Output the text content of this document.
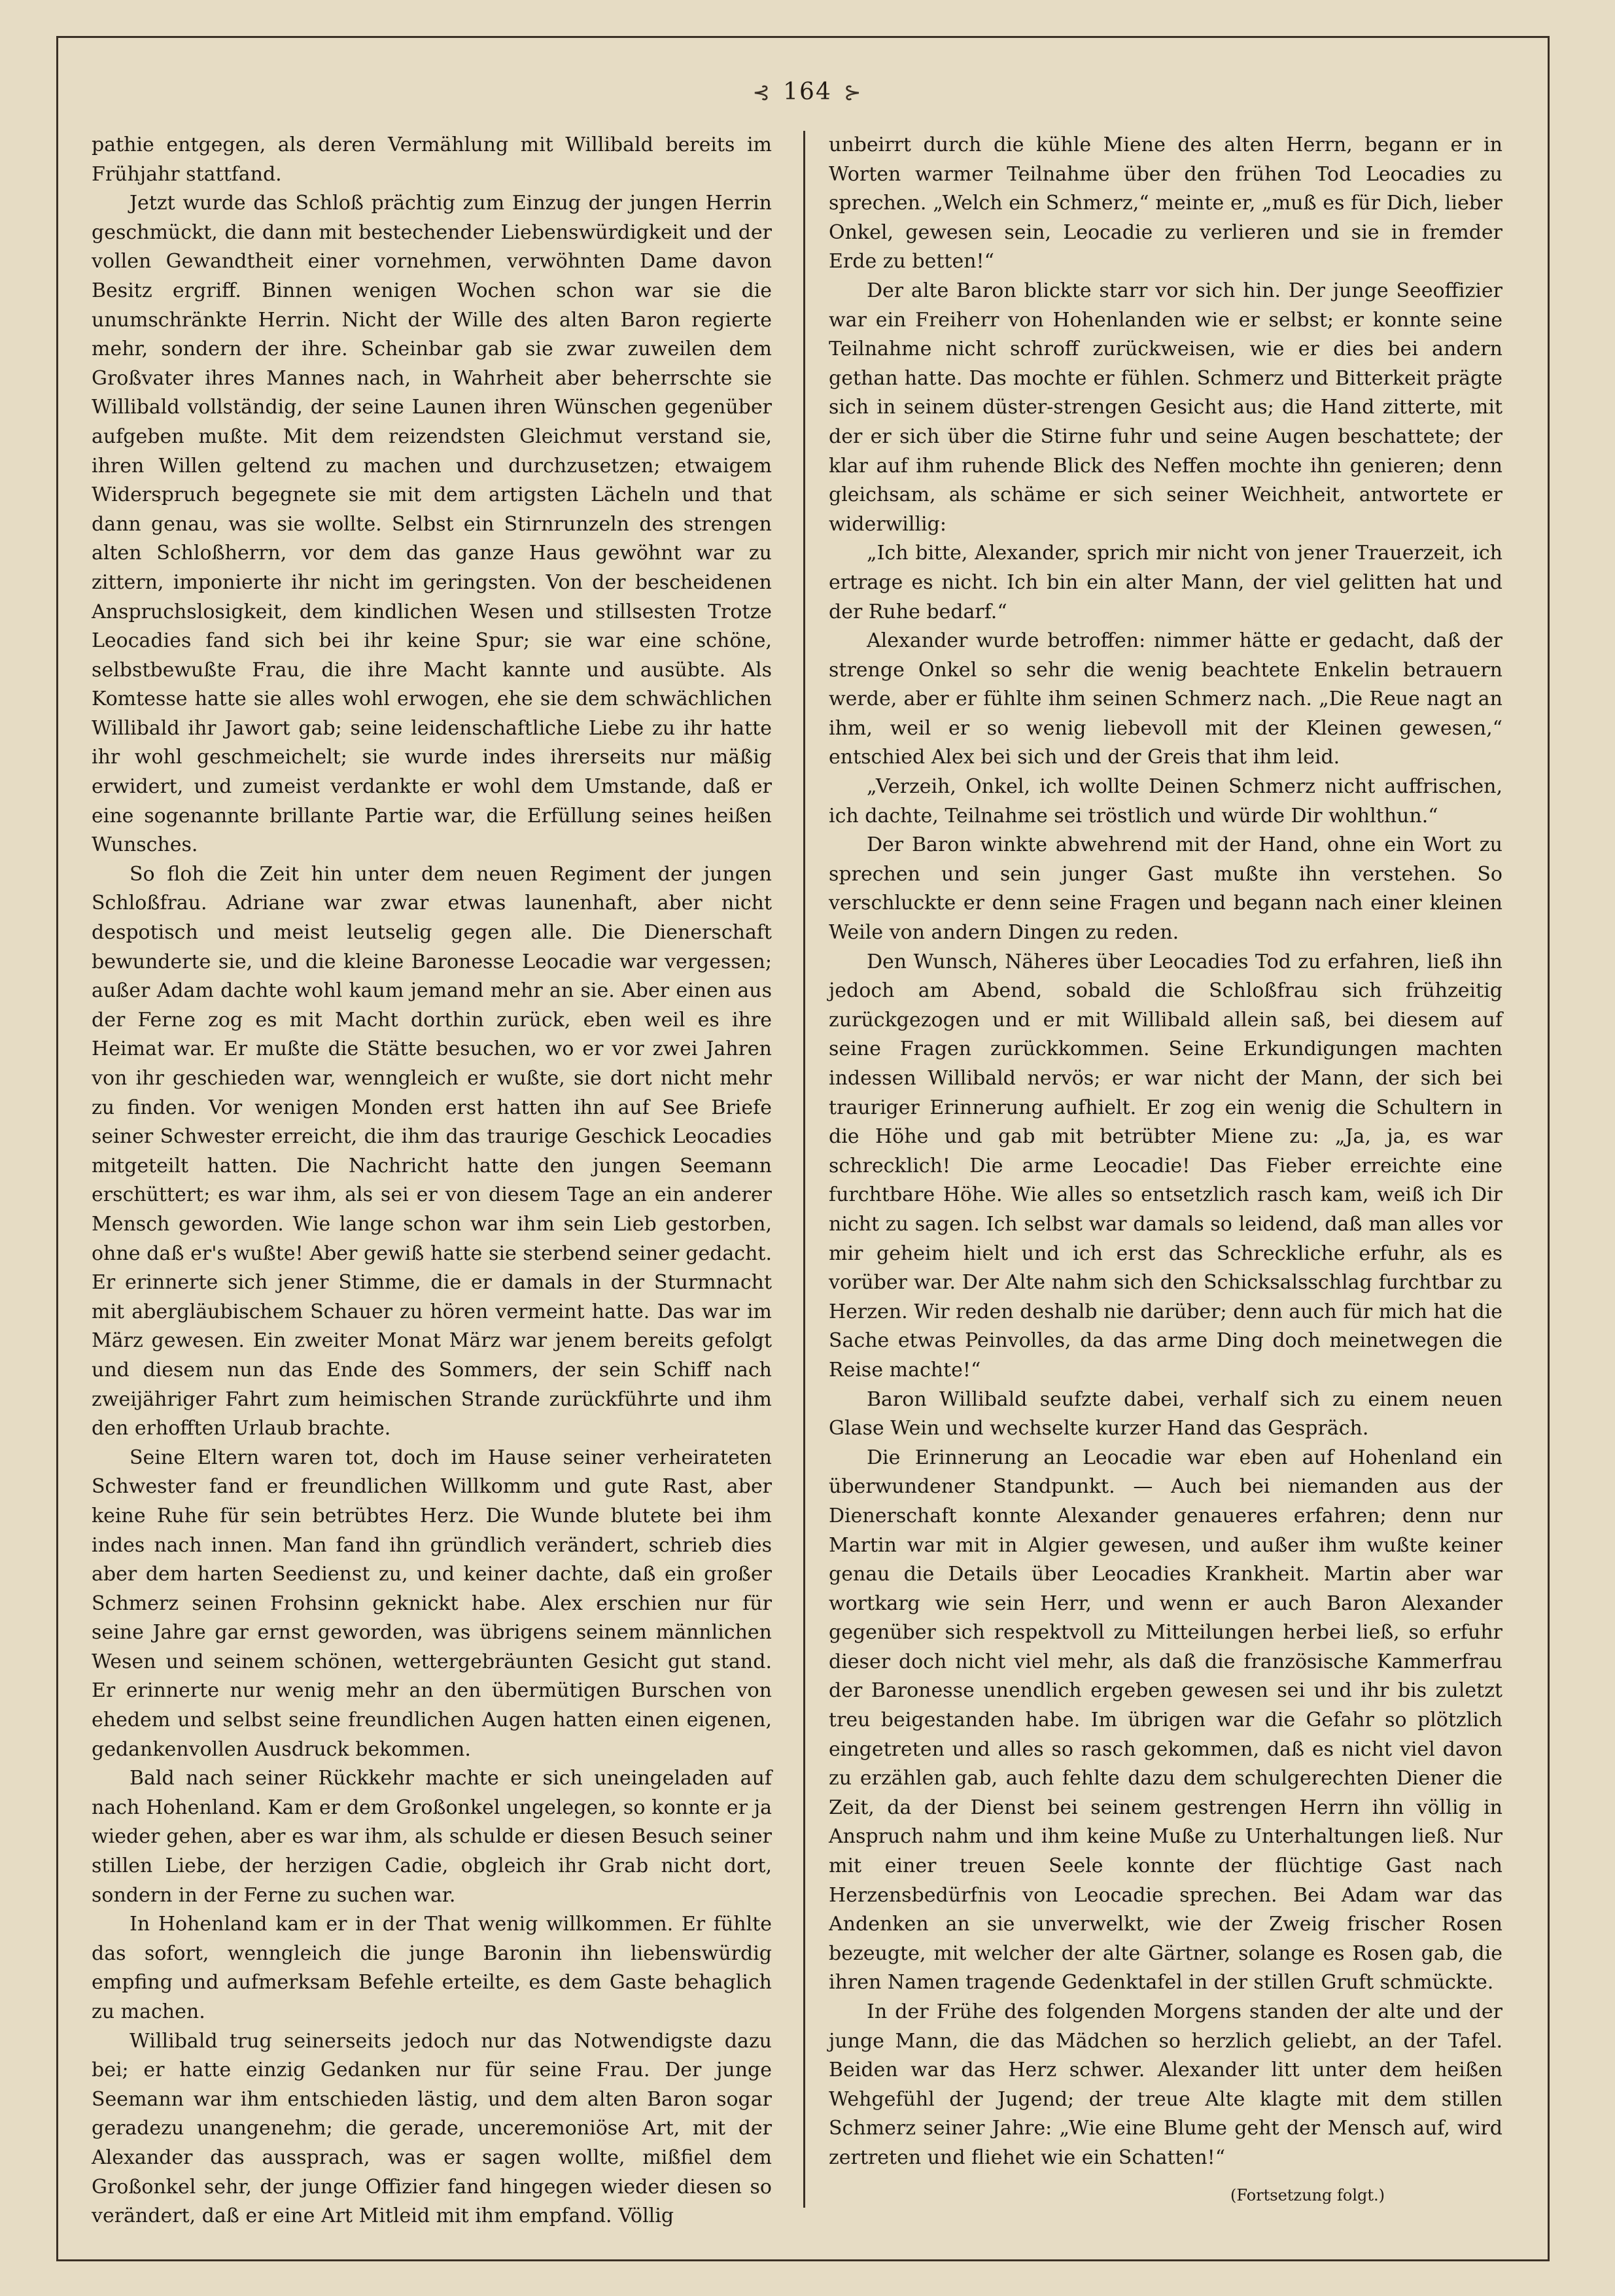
⊰ 164 ⊱

pathie entgegen, als deren Vermählung mit Willibald bereits im Frühjahr stattfand.

Jetzt wurde das Schloß prächtig zum Einzug der jungen Herrin geschmückt, die dann mit bestechender Liebenswürdigkeit und der vollen Gewandtheit einer vornehmen, verwöhnten Dame davon Besitz ergriff. Binnen wenigen Wochen schon war sie die unumschränkte Herrin. Nicht der Wille des alten Baron regierte mehr, sondern der ihre. Scheinbar gab sie zwar zuweilen dem Großvater ihres Mannes nach, in Wahrheit aber beherrschte sie Willibald vollständig, der seine Launen ihren Wünschen gegenüber aufgeben mußte. Mit dem reizendsten Gleichmut verstand sie, ihren Willen geltend zu machen und durchzusetzen; etwaigem Widerspruch begegnete sie mit dem artigsten Lächeln und that dann genau, was sie wollte. Selbst ein Stirnrunzeln des strengen alten Schloßherrn, vor dem das ganze Haus gewöhnt war zu zittern, imponierte ihr nicht im geringsten. Von der bescheidenen Anspruchslosigkeit, dem kindlichen Wesen und stillsesten Trotze Leocadies fand sich bei ihr keine Spur; sie war eine schöne, selbstbewußte Frau, die ihre Macht kannte und ausübte. Als Komtesse hatte sie alles wohl erwogen, ehe sie dem schwächlichen Willibald ihr Jawort gab; seine leidenschaftliche Liebe zu ihr hatte ihr wohl geschmeichelt; sie wurde indes ihrerseits nur mäßig erwidert, und zumeist verdankte er wohl dem Umstande, daß er eine sogenannte brillante Partie war, die Erfüllung seines heißen Wunsches.

So floh die Zeit hin unter dem neuen Regiment der jungen Schloßfrau. Adriane war zwar etwas launenhaft, aber nicht despotisch und meist leutselig gegen alle. Die Dienerschaft bewunderte sie, und die kleine Baronesse Leocadie war vergessen; außer Adam dachte wohl kaum jemand mehr an sie. Aber einen aus der Ferne zog es mit Macht dorthin zurück, eben weil es ihre Heimat war. Er mußte die Stätte besuchen, wo er vor zwei Jahren von ihr geschieden war, wenngleich er wußte, sie dort nicht mehr zu finden. Vor wenigen Monden erst hatten ihn auf See Briefe seiner Schwester erreicht, die ihm das traurige Geschick Leocadies mitgeteilt hatten. Die Nachricht hatte den jungen Seemann erschüttert; es war ihm, als sei er von diesem Tage an ein anderer Mensch geworden. Wie lange schon war ihm sein Lieb gestorben, ohne daß er's wußte! Aber gewiß hatte sie sterbend seiner gedacht. Er erinnerte sich jener Stimme, die er damals in der Sturmnacht mit abergläubischem Schauer zu hören vermeint hatte. Das war im März gewesen. Ein zweiter Monat März war jenem bereits gefolgt und diesem nun das Ende des Sommers, der sein Schiff nach zweijähriger Fahrt zum heimischen Strande zurückführte und ihm den erhofften Urlaub brachte.

Seine Eltern waren tot, doch im Hause seiner verheirateten Schwester fand er freundlichen Willkomm und gute Rast, aber keine Ruhe für sein betrübtes Herz. Die Wunde blutete bei ihm indes nach innen. Man fand ihn gründlich verändert, schrieb dies aber dem harten Seedienst zu, und keiner dachte, daß ein großer Schmerz seinen Frohsinn geknickt habe. Alex erschien nur für seine Jahre gar ernst geworden, was übrigens seinem männlichen Wesen und seinem schönen, wettergebräunten Gesicht gut stand. Er erinnerte nur wenig mehr an den übermütigen Burschen von ehedem und selbst seine freundlichen Augen hatten einen eigenen, gedankenvollen Ausdruck bekommen.

Bald nach seiner Rückkehr machte er sich uneingeladen auf nach Hohenland. Kam er dem Großonkel ungelegen, so konnte er ja wieder gehen, aber es war ihm, als schulde er diesen Besuch seiner stillen Liebe, der herzigen Cadie, obgleich ihr Grab nicht dort, sondern in der Ferne zu suchen war.

In Hohenland kam er in der That wenig willkommen. Er fühlte das sofort, wenngleich die junge Baronin ihn liebenswürdig empfing und aufmerksam Befehle erteilte, es dem Gaste behaglich zu machen.

Willibald trug seinerseits jedoch nur das Notwendigste dazu bei; er hatte einzig Gedanken nur für seine Frau. Der junge Seemann war ihm entschieden lästig, und dem alten Baron sogar geradezu unangenehm; die gerade, unceremoniöse Art, mit der Alexander das aussprach, was er sagen wollte, mißfiel dem Großonkel sehr, der junge Offizier fand hingegen wieder diesen so verändert, daß er eine Art Mitleid mit ihm empfand. Völlig

unbeirrt durch die kühle Miene des alten Herrn, begann er in Worten warmer Teilnahme über den frühen Tod Leocadies zu sprechen. „Welch ein Schmerz,“ meinte er, „muß es für Dich, lieber Onkel, gewesen sein, Leocadie zu verlieren und sie in fremder Erde zu betten!“

Der alte Baron blickte starr vor sich hin. Der junge Seeoffizier war ein Freiherr von Hohenlanden wie er selbst; er konnte seine Teilnahme nicht schroff zurückweisen, wie er dies bei andern gethan hatte. Das mochte er fühlen. Schmerz und Bitterkeit prägte sich in seinem düster-strengen Gesicht aus; die Hand zitterte, mit der er sich über die Stirne fuhr und seine Augen beschattete; der klar auf ihm ruhende Blick des Neffen mochte ihn genieren; denn gleichsam, als schäme er sich seiner Weichheit, antwortete er widerwillig:

„Ich bitte, Alexander, sprich mir nicht von jener Trauerzeit, ich ertrage es nicht. Ich bin ein alter Mann, der viel gelitten hat und der Ruhe bedarf.“

Alexander wurde betroffen: nimmer hätte er gedacht, daß der strenge Onkel so sehr die wenig beachtete Enkelin betrauern werde, aber er fühlte ihm seinen Schmerz nach. „Die Reue nagt an ihm, weil er so wenig liebevoll mit der Kleinen gewesen,“ entschied Alex bei sich und der Greis that ihm leid.

„Verzeih, Onkel, ich wollte Deinen Schmerz nicht auffrischen, ich dachte, Teilnahme sei tröstlich und würde Dir wohlthun.“

Der Baron winkte abwehrend mit der Hand, ohne ein Wort zu sprechen und sein junger Gast mußte ihn verstehen. So verschluckte er denn seine Fragen und begann nach einer kleinen Weile von andern Dingen zu reden.

Den Wunsch, Näheres über Leocadies Tod zu erfahren, ließ ihn jedoch am Abend, sobald die Schloßfrau sich frühzeitig zurückgezogen und er mit Willibald allein saß, bei diesem auf seine Fragen zurückkommen. Seine Erkundigungen machten indessen Willibald nervös; er war nicht der Mann, der sich bei trauriger Erinnerung aufhielt. Er zog ein wenig die Schultern in die Höhe und gab mit betrübter Miene zu: „Ja, ja, es war schrecklich! Die arme Leocadie! Das Fieber erreichte eine furchtbare Höhe. Wie alles so entsetzlich rasch kam, weiß ich Dir nicht zu sagen. Ich selbst war damals so leidend, daß man alles vor mir geheim hielt und ich erst das Schreckliche erfuhr, als es vorüber war. Der Alte nahm sich den Schicksalsschlag furchtbar zu Herzen. Wir reden deshalb nie darüber; denn auch für mich hat die Sache etwas Peinvolles, da das arme Ding doch meinetwegen die Reise machte!“

Baron Willibald seufzte dabei, verhalf sich zu einem neuen Glase Wein und wechselte kurzer Hand das Gespräch.

Die Erinnerung an Leocadie war eben auf Hohenland ein überwundener Standpunkt. — Auch bei niemanden aus der Dienerschaft konnte Alexander genaueres erfahren; denn nur Martin war mit in Algier gewesen, und außer ihm wußte keiner genau die Details über Leocadies Krankheit. Martin aber war wortkarg wie sein Herr, und wenn er auch Baron Alexander gegenüber sich respektvoll zu Mitteilungen herbei ließ, so erfuhr dieser doch nicht viel mehr, als daß die französische Kammerfrau der Baronesse unendlich ergeben gewesen sei und ihr bis zuletzt treu beigestanden habe. Im übrigen war die Gefahr so plötzlich eingetreten und alles so rasch gekommen, daß es nicht viel davon zu erzählen gab, auch fehlte dazu dem schulgerechten Diener die Zeit, da der Dienst bei seinem gestrengen Herrn ihn völlig in Anspruch nahm und ihm keine Muße zu Unterhaltungen ließ. Nur mit einer treuen Seele konnte der flüchtige Gast nach Herzensbedürfnis von Leocadie sprechen. Bei Adam war das Andenken an sie unverwelkt, wie der Zweig frischer Rosen bezeugte, mit welcher der alte Gärtner, solange es Rosen gab, die ihren Namen tragende Gedenktafel in der stillen Gruft schmückte.

In der Frühe des folgenden Morgens standen der alte und der junge Mann, die das Mädchen so herzlich geliebt, an der Tafel. Beiden war das Herz schwer. Alexander litt unter dem heißen Wehgefühl der Jugend; der treue Alte klagte mit dem stillen Schmerz seiner Jahre: „Wie eine Blume geht der Mensch auf, wird zertreten und fliehet wie ein Schatten!“

(Fortsetzung folgt.)
